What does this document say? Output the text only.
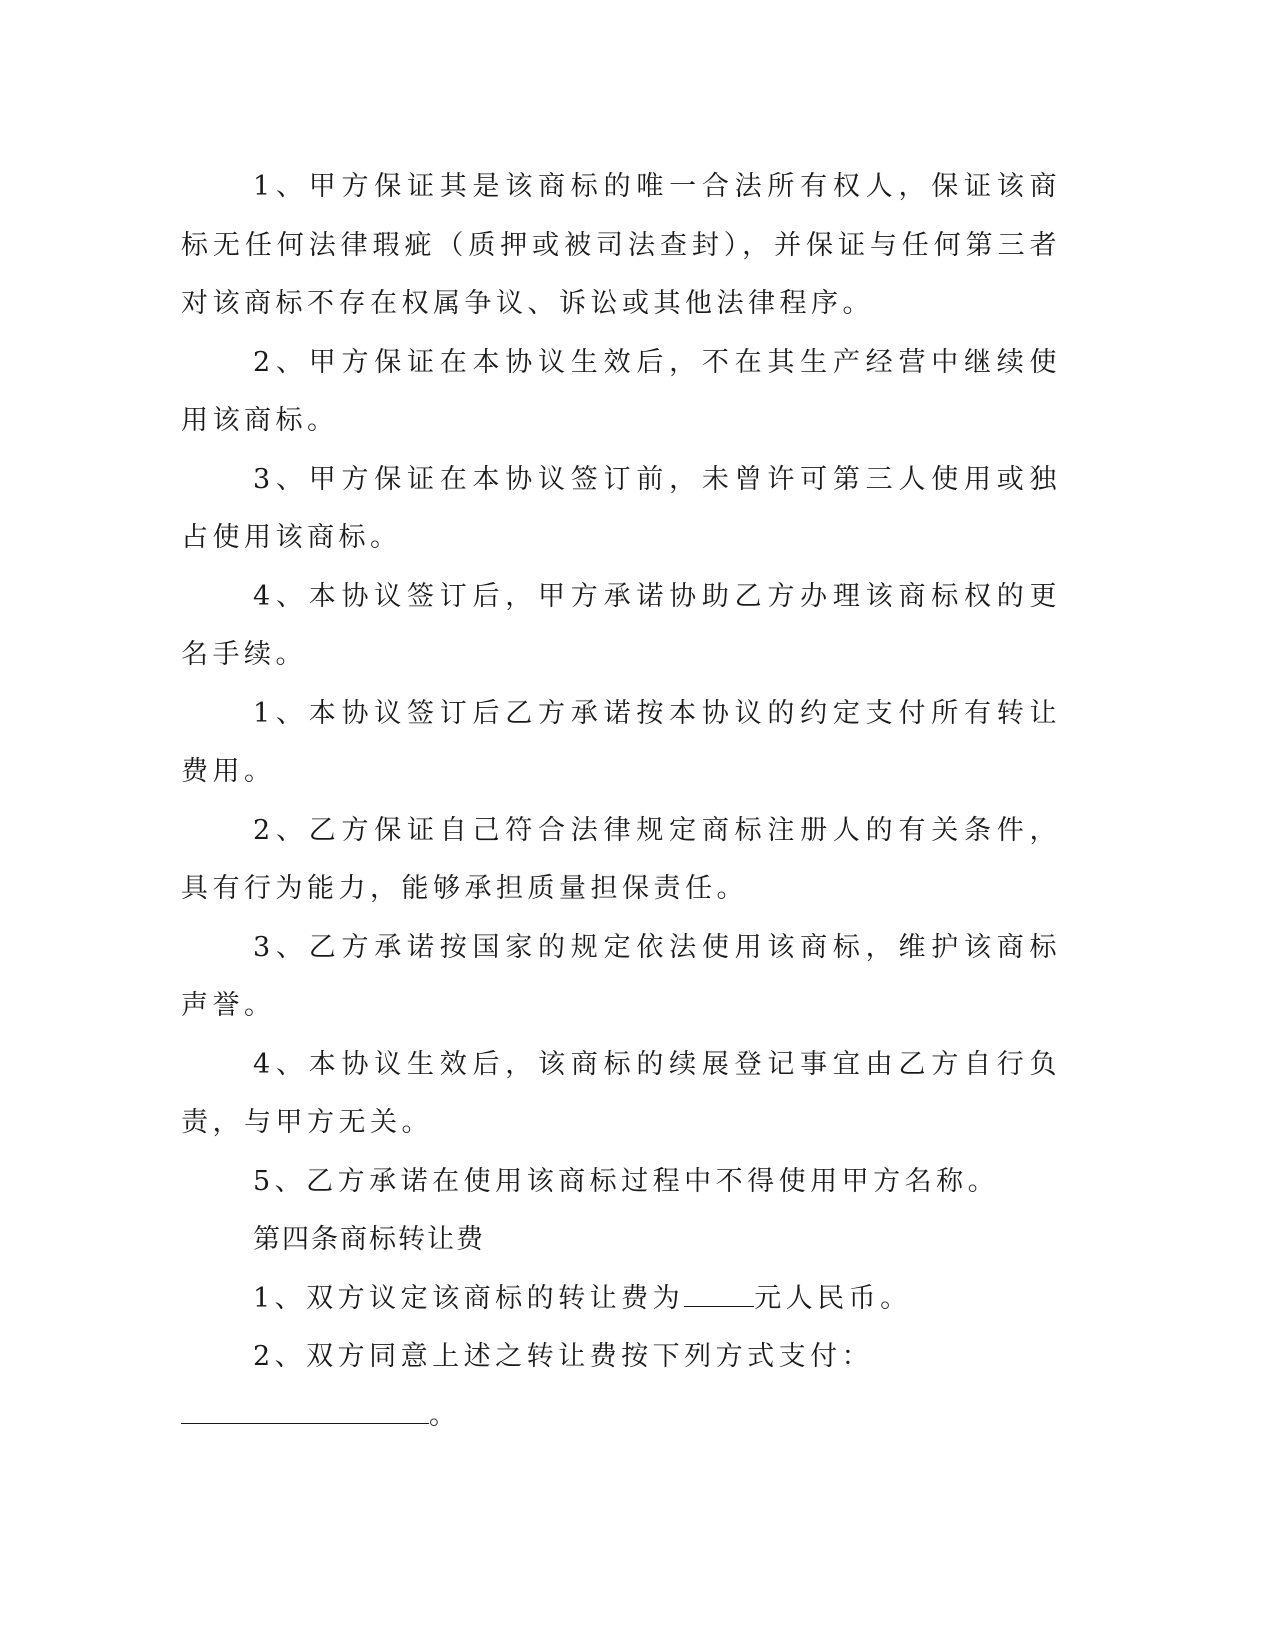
1、甲方保证其是该商标的唯一合法所有权人，保证该商标无任何法律瑕疵（质押或被司法查封），并保证与任何第三者对该商标不存在权属争议、诉讼或其他法律程序。

2、甲方保证在本协议生效后，不在其生产经营中继续使用该商标。

3、甲方保证在本协议签订前，未曾许可第三人使用或独占使用该商标。

4、本协议签订后，甲方承诺协助乙方办理该商标权的更名手续。

1、本协议签订后乙方承诺按本协议的约定支付所有转让费用。

2、乙方保证自己符合法律规定商标注册人的有关条件，具有行为能力，能够承担质量担保责任。

3、乙方承诺按国家的规定依法使用该商标，维护该商标声誉。

4、本协议生效后，该商标的续展登记事宜由乙方自行负责，与甲方无关。

5、乙方承诺在使用该商标过程中不得使用甲方名称。

第四条商标转让费

1、双方议定该商标的转让费为	元人民币。

2、双方同意上述之转让费按下列方式支付：

。
